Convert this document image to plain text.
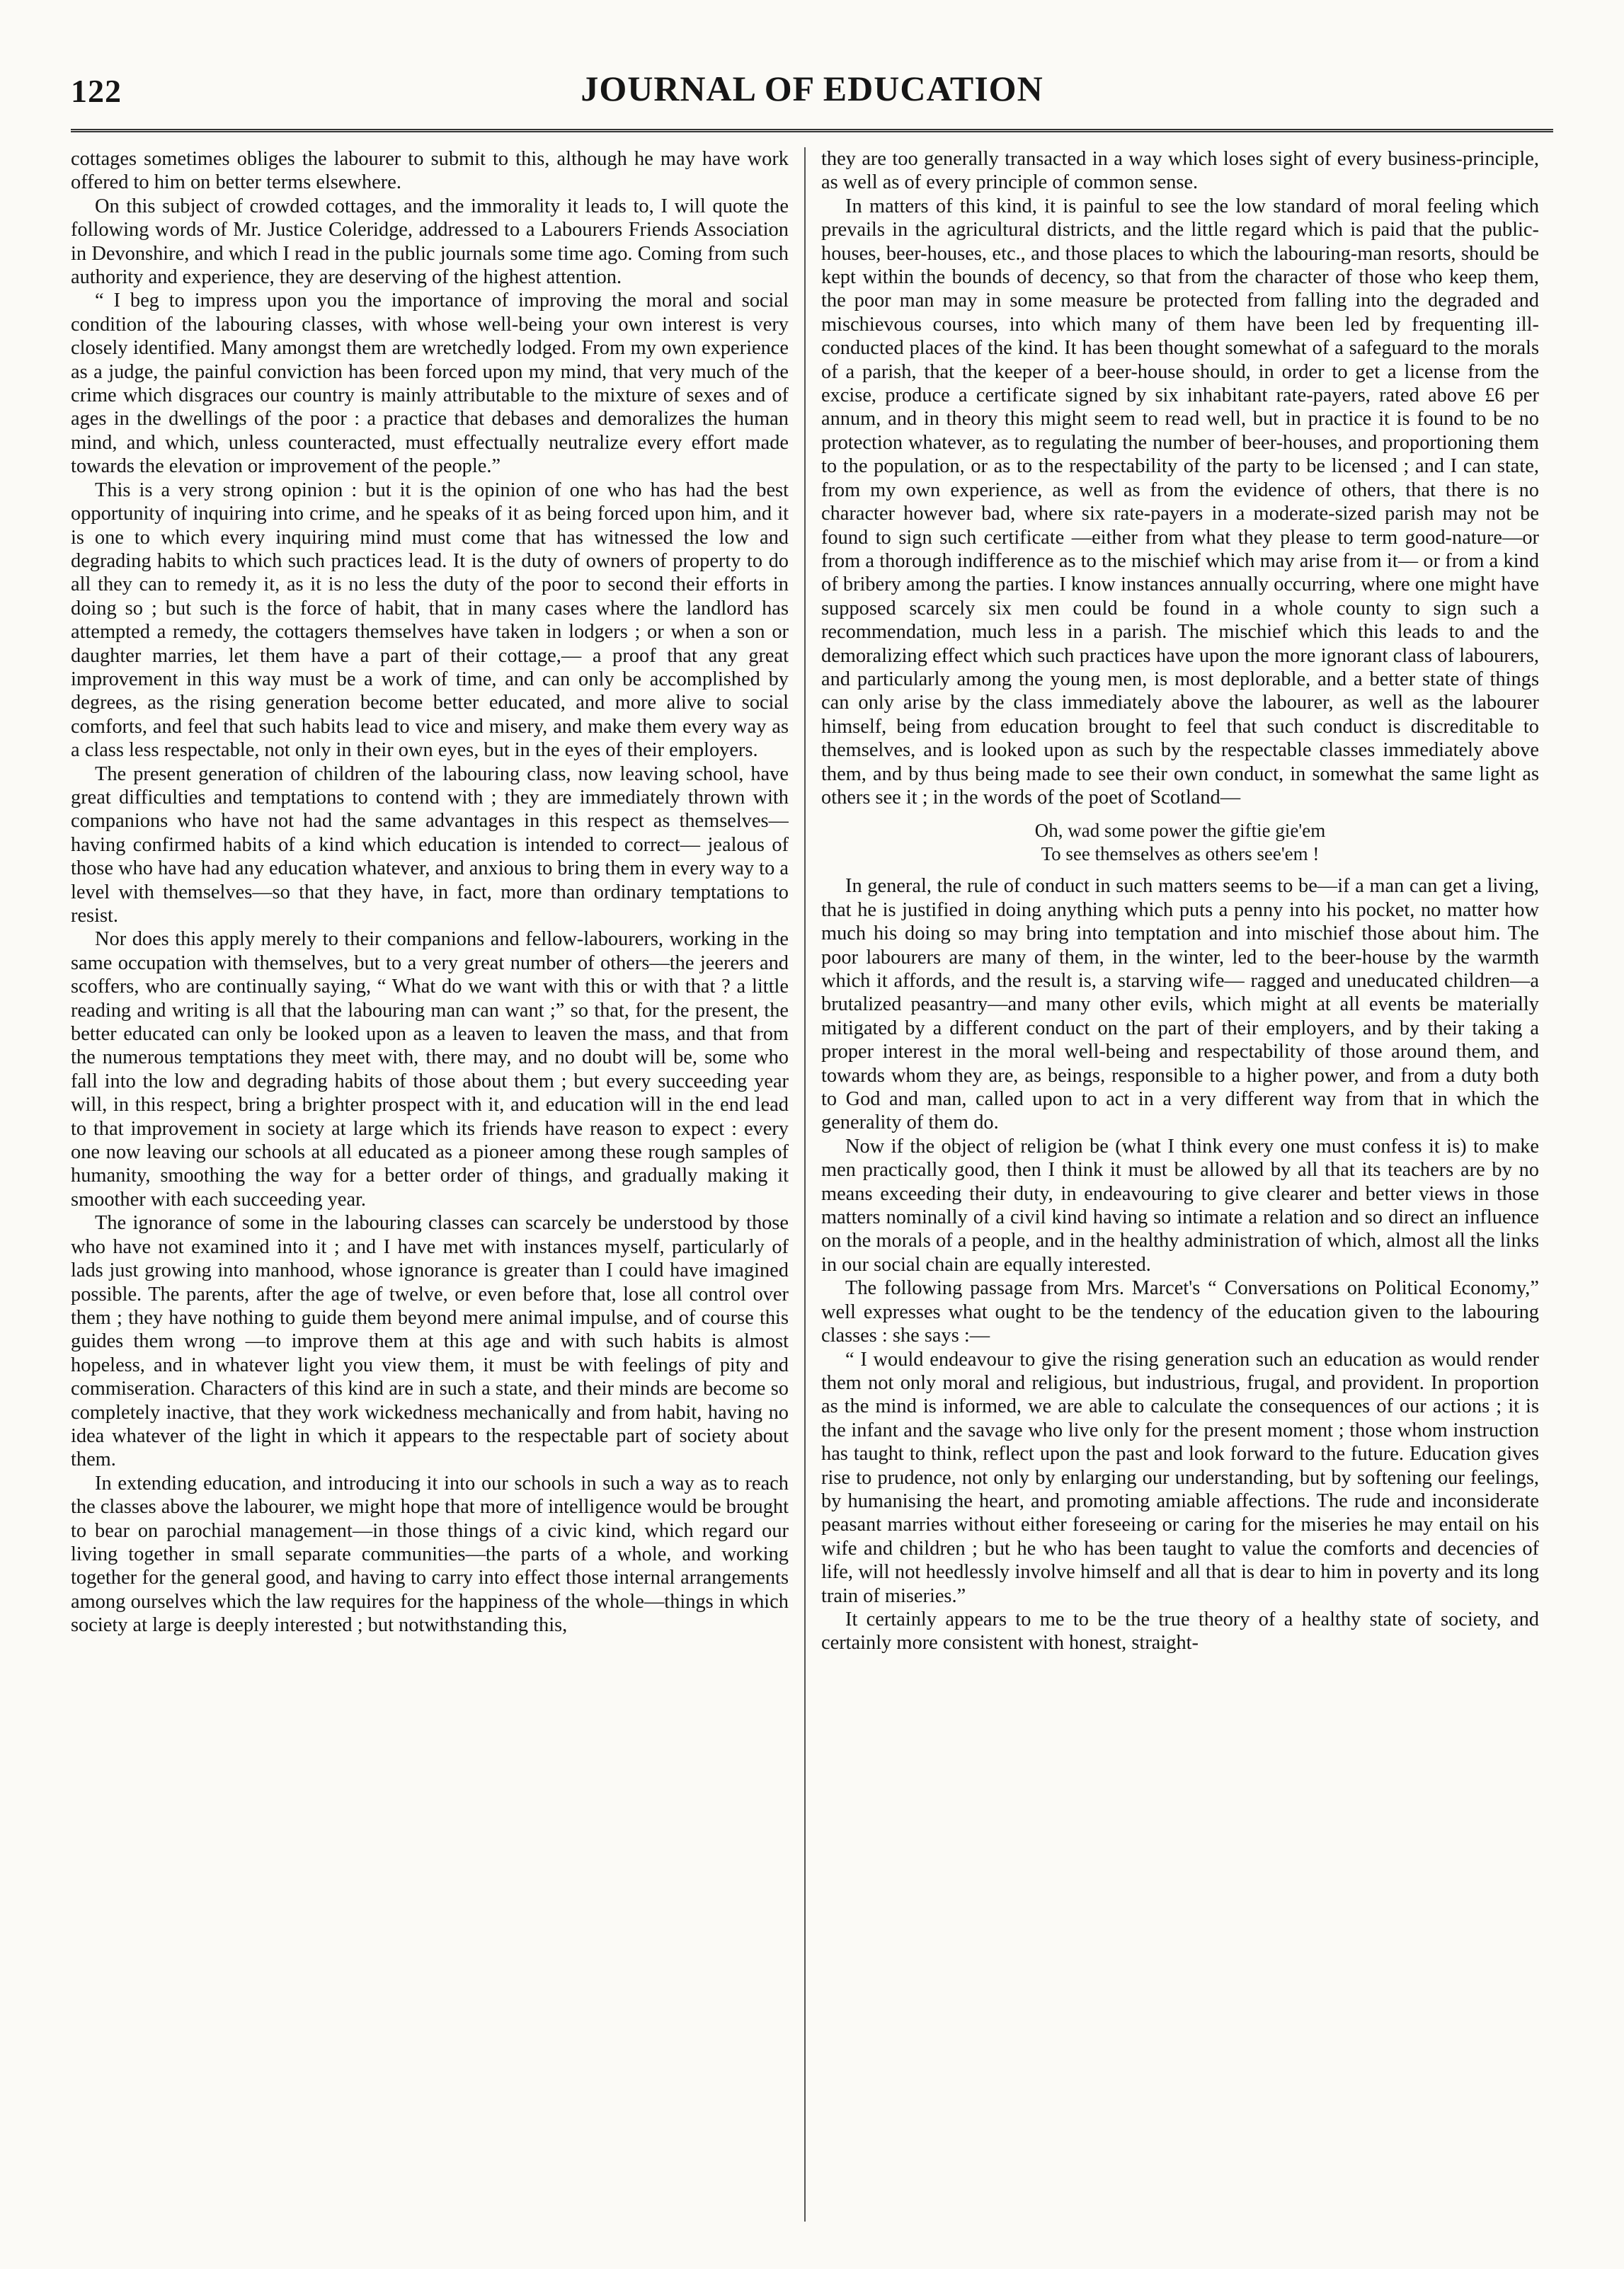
122	JOURNAL OF EDUCATION

cottages sometimes obliges the labourer to submit to this, although he may have work offered to him on better terms elsewhere.

On this subject of crowded cottages, and the immorality it leads to, I will quote the following words of Mr. Justice Coleridge, addressed to a Labourers Friends Association in Devonshire, and which I read in the public journals some time ago. Coming from such authority and experience, they are deserving of the highest attention.

“ I beg to impress upon you the importance of improving the moral and social condition of the labouring classes, with whose well-being your own interest is very closely identified. Many amongst them are wretchedly lodged. From my own experience as a judge, the painful conviction has been forced upon my mind, that very much of the crime which disgraces our country is mainly attributable to the mixture of sexes and of ages in the dwellings of the poor : a practice that debases and demoralizes the human mind, and which, unless counteracted, must effectually neutralize every effort made towards the elevation or improvement of the people.”

This is a very strong opinion : but it is the opinion of one who has had the best opportunity of inquiring into crime, and he speaks of it as being forced upon him, and it is one to which every inquiring mind must come that has witnessed the low and degrading habits to which such practices lead. It is the duty of owners of property to do all they can to remedy it, as it is no less the duty of the poor to second their efforts in doing so ; but such is the force of habit, that in many cases where the landlord has attempted a remedy, the cottagers themselves have taken in lodgers ; or when a son or daughter marries, let them have a part of their cottage,— a proof that any great improvement in this way must be a work of time, and can only be accomplished by degrees, as the rising generation become better educated, and more alive to social comforts, and feel that such habits lead to vice and misery, and make them every way as a class less respectable, not only in their own eyes, but in the eyes of their employers.

The present generation of children of the labouring class, now leaving school, have great difficulties and temptations to contend with ; they are immediately thrown with companions who have not had the same advantages in this respect as themselves—having confirmed habits of a kind which education is intended to correct— jealous of those who have had any education whatever, and anxious to bring them in every way to a level with themselves—so that they have, in fact, more than ordinary temptations to resist.

Nor does this apply merely to their companions and fellow-labourers, working in the same occupation with themselves, but to a very great number of others—the jeerers and scoffers, who are continually saying, “ What do we want with this or with that ? a little reading and writing is all that the labouring man can want ;” so that, for the present, the better educated can only be looked upon as a leaven to leaven the mass, and that from the numerous temptations they meet with, there may, and no doubt will be, some who fall into the low and degrading habits of those about them ; but every succeeding year will, in this respect, bring a brighter prospect with it, and education will in the end lead to that improvement in society at large which its friends have reason to expect : every one now leaving our schools at all educated as a pioneer among these rough samples of humanity, smoothing the way for a better order of things, and gradually making it smoother with each succeeding year.

The ignorance of some in the labouring classes can scarcely be understood by those who have not examined into it ; and I have met with instances myself, particularly of lads just growing into manhood, whose ignorance is greater than I could have imagined possible. The parents, after the age of twelve, or even before that, lose all control over them ; they have nothing to guide them beyond mere animal impulse, and of course this guides them wrong —to improve them at this age and with such habits is almost hopeless, and in whatever light you view them, it must be with feelings of pity and commiseration. Characters of this kind are in such a state, and their minds are become so completely inactive, that they work wickedness mechanically and from habit, having no idea whatever of the light in which it appears to the respectable part of society about them.

In extending education, and introducing it into our schools in such a way as to reach the classes above the labourer, we might hope that more of intelligence would be brought to bear on parochial management—in those things of a civic kind, which regard our living together in small separate communities—the parts of a whole, and working together for the general good, and having to carry into effect those internal arrangements among ourselves which the law requires for the happiness of the whole—things in which society at large is deeply interested ; but notwithstanding this,

they are too generally transacted in a way which loses sight of every business-principle, as well as of every principle of common sense.

In matters of this kind, it is painful to see the low standard of moral feeling which prevails in the agricultural districts, and the little regard which is paid that the public-houses, beer-houses, etc., and those places to which the labouring-man resorts, should be kept within the bounds of decency, so that from the character of those who keep them, the poor man may in some measure be protected from falling into the degraded and mischievous courses, into which many of them have been led by frequenting ill-conducted places of the kind. It has been thought somewhat of a safeguard to the morals of a parish, that the keeper of a beer-house should, in order to get a license from the excise, produce a certificate signed by six inhabitant rate-payers, rated above £6 per annum, and in theory this might seem to read well, but in practice it is found to be no protection whatever, as to regulating the number of beer-houses, and proportioning them to the population, or as to the respectability of the party to be licensed ; and I can state, from my own experience, as well as from the evidence of others, that there is no character however bad, where six rate-payers in a moderate-sized parish may not be found to sign such certificate —either from what they please to term good-nature—or from a thorough indifference as to the mischief which may arise from it— or from a kind of bribery among the parties. I know instances annually occurring, where one might have supposed scarcely six men could be found in a whole county to sign such a recommendation, much less in a parish. The mischief which this leads to and the demoralizing effect which such practices have upon the more ignorant class of labourers, and particularly among the young men, is most deplorable, and a better state of things can only arise by the class immediately above the labourer, as well as the labourer himself, being from education brought to feel that such conduct is discreditable to themselves, and is looked upon as such by the respectable classes immediately above them, and by thus being made to see their own conduct, in somewhat the same light as others see it ; in the words of the poet of Scotland—

Oh, wad some power the giftie gie'em
To see themselves as others see'em !

In general, the rule of conduct in such matters seems to be—if a man can get a living, that he is justified in doing anything which puts a penny into his pocket, no matter how much his doing so may bring into temptation and into mischief those about him. The poor labourers are many of them, in the winter, led to the beer-house by the warmth which it affords, and the result is, a starving wife— ragged and uneducated children—a brutalized peasantry—and many other evils, which might at all events be materially mitigated by a different conduct on the part of their employers, and by their taking a proper interest in the moral well-being and respectability of those around them, and towards whom they are, as beings, responsible to a higher power, and from a duty both to God and man, called upon to act in a very different way from that in which the generality of them do.

Now if the object of religion be (what I think every one must confess it is) to make men practically good, then I think it must be allowed by all that its teachers are by no means exceeding their duty, in endeavouring to give clearer and better views in those matters nominally of a civil kind having so intimate a relation and so direct an influence on the morals of a people, and in the healthy administration of which, almost all the links in our social chain are equally interested.

The following passage from Mrs. Marcet's “ Conversations on Political Economy,” well expresses what ought to be the tendency of the education given to the labouring classes : she says :—

“ I would endeavour to give the rising generation such an education as would render them not only moral and religious, but industrious, frugal, and provident. In proportion as the mind is informed, we are able to calculate the consequences of our actions ; it is the infant and the savage who live only for the present moment ; those whom instruction has taught to think, reflect upon the past and look forward to the future. Education gives rise to prudence, not only by enlarging our understanding, but by softening our feelings, by humanising the heart, and promoting amiable affections. The rude and inconsiderate peasant marries without either foreseeing or caring for the miseries he may entail on his wife and children ; but he who has been taught to value the comforts and decencies of life, will not heedlessly involve himself and all that is dear to him in poverty and its long train of miseries.”

It certainly appears to me to be the true theory of a healthy state of society, and certainly more consistent with honest, straight-
